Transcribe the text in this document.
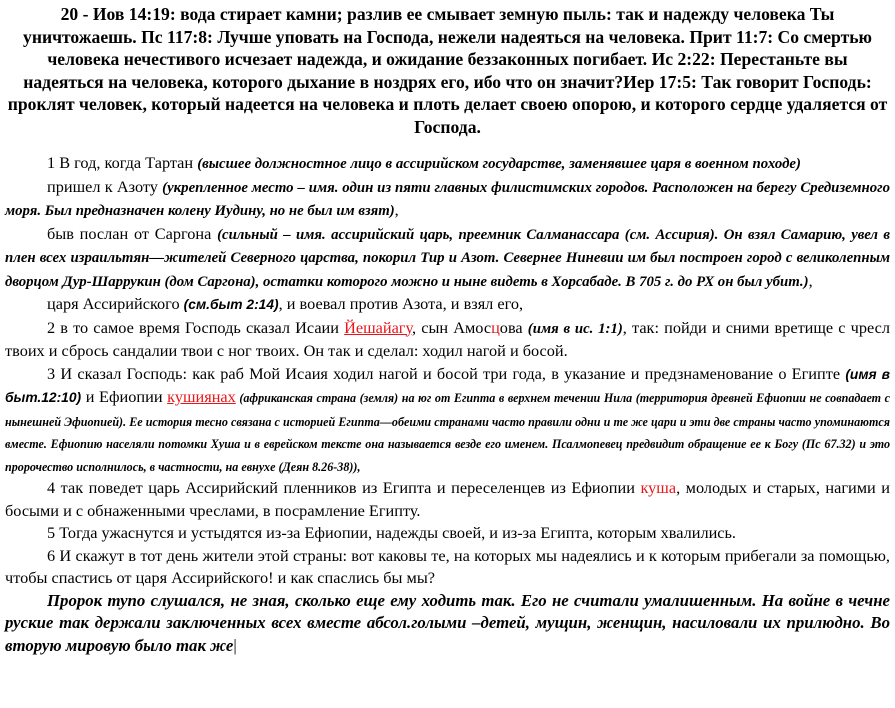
20 - Иов 14:19: вода стирает камни; разлив ее смывает земную пыль: так и надежду человека Ты уничтожаешь. Пс 117:8: Лучше уповать на Господа, нежели надеяться на человека. Прит 11:7: Со смертью человека нечестивого исчезает надежда, и ожидание беззаконных погибает. Ис 2:22: Перестаньте вы надеяться на человека, которого дыхание в ноздрях его, ибо что он значит?Иер 17:5: Так говорит Господь: проклят человек, который надеется на человека и плоть делает своею опорою, и которого сердце удаляется от Господа.

1 В год, когда Тартан (высшее должностное лицо в ассирийском государстве, заменявшее царя в военном походе)

пришел к Азоту (укрепленное место – имя. один из пяти главных филистимских городов. Расположен на берегу Средиземного моря. Был предназначен колену Иудину, но не был им взят),

быв послан от Саргона (сильный – имя. ассирийский царь, преемник Салманассара (см. Ассирия). Он взял Самарию, увел в плен всех израильтян—жителей Северного царства, покорил Тир и Азот. Севернее Ниневии им был построен город с великолепным дворцом Дур-Шаррукин (дом Саргона), остатки которого можно и ныне видеть в Хорсабаде. В 705 г. до РХ он был убит.),

царя Ассирийского (см.быт 2:14), и воевал против Азота, и взял его,

2 в то самое время Господь сказал Исаии Йешайагу, сын Амосцова (имя в ис. 1:1), так: пойди и сними вретище с чресл твоих и сбрось сандалии твои с ног твоих. Он так и сделал: ходил нагой и босой.

3 И сказал Господь: как раб Мой Исаия ходил нагой и босой три года, в указание и предзнаменование о Египте (имя в быт.12:10) и Ефиопии кушиянах (африканская страна (земля) на юг от Египта в верхнем течении Нила (территория древней Ефиопии не совпадает с нынешней Эфиопией). Ее история тесно связана с историей Египта—обеими странами часто правили одни и те же цари и эти две страны часто упоминаются вместе. Ефиопию населяли потомки Хуша и в еврейском тексте она называется везде его именем. Псалмопевец предвидит обращение ее к Богу (Пс 67.32) и это пророчество исполнилось, в частности, на евнухе (Деян 8.26-38)),

4 так поведет царь Ассирийский пленников из Египта и переселенцев из Ефиопии куша, молодых и старых, нагими и босыми и с обнаженными чреслами, в посрамление Египту.

5 Тогда ужаснутся и устыдятся из-за Ефиопии, надежды своей, и из-за Египта, которым хвалились.

6 И скажут в тот день жители этой страны: вот каковы те, на которых мы надеялись и к которым прибегали за помощью, чтобы спастись от царя Ассирийского! и как спаслись бы мы?

Пророк тупо слушался, не зная, сколько еще ему ходить так. Его не считали умалишенным. На войне в чечне руские так держали заключенных всех вместе абсол.голыми –детей, мущин, женщин, насиловали их прилюдно. Во вторую мировую было так же|
